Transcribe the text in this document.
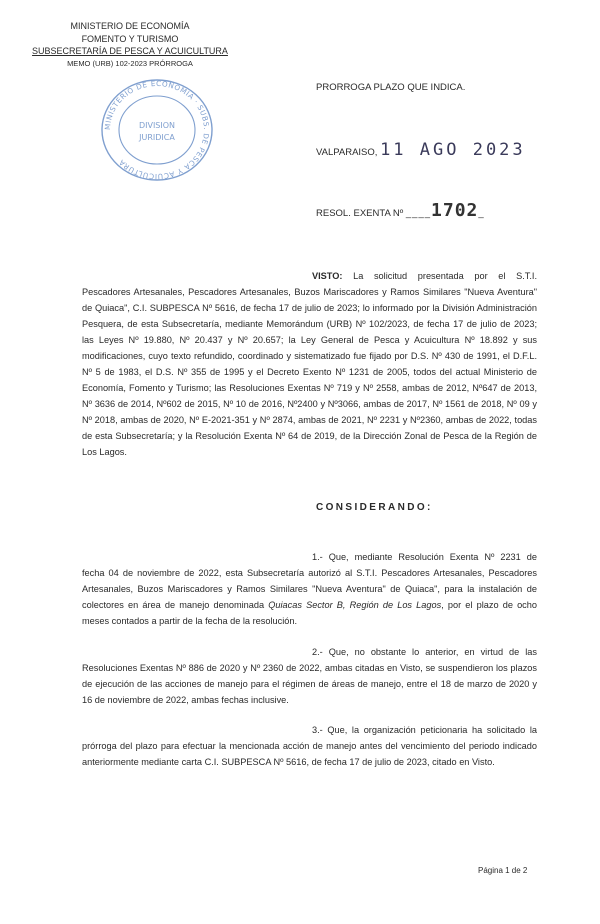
MINISTERIO DE ECONOMÍA
FOMENTO Y TURISMO
SUBSECRETARÍA DE PESCA Y ACUICULTURA
MEMO (URB) 102-2023 PRÓRROGA
MINISTERIO DE ECONOMIA · SUBS. DE PESCA Y ACUICULTURA
DIVISION
JURIDICA
PRORROGA PLAZO QUE INDICA.
VALPARAISO, 11 AGO 2023
RESOL. EXENTA Nº ____1702_
VISTO: La solicitud presentada por el S.T.I. Pescadores Artesanales, Pescadores Artesanales, Buzos Mariscadores y Ramos Similares "Nueva Aventura" de Quiaca", C.I. SUBPESCA Nº 5616, de fecha 17 de julio de 2023; lo informado por la División Administración Pesquera, de esta Subsecretaría, mediante Memorándum (URB) Nº 102/2023, de fecha 17 de julio de 2023; las Leyes Nº 19.880, Nº 20.437 y Nº 20.657; la Ley General de Pesca y Acuicultura Nº 18.892 y sus modificaciones, cuyo texto refundido, coordinado y sistematizado fue fijado por D.S. Nº 430 de 1991, el D.F.L. Nº 5 de 1983, el D.S. Nº 355 de 1995 y el Decreto Exento Nº 1231 de 2005, todos del actual Ministerio de Economía, Fomento y Turismo; las Resoluciones Exentas Nº 719 y Nº 2558, ambas de 2012, Nº647 de 2013, Nº 3636 de 2014, Nº602 de 2015, Nº 10 de 2016, Nº2400 y Nº3066, ambas de 2017, Nº 1561 de 2018, Nº 09 y Nº 2018, ambas de 2020, Nº E-2021-351 y Nº 2874, ambas de 2021, Nº 2231 y Nº2360, ambas de 2022, todas de esta Subsecretaría; y la Resolución Exenta Nº 64 de 2019, de la Dirección Zonal de Pesca de la Región de Los Lagos.
CONSIDERANDO:
1.- Que, mediante Resolución Exenta Nº 2231 de fecha 04 de noviembre de 2022, esta Subsecretaría autorizó al S.T.I. Pescadores Artesanales, Pescadores Artesanales, Buzos Mariscadores y Ramos Similares "Nueva Aventura" de Quiaca", para la instalación de colectores en área de manejo denominada Quiacas Sector B, Región de Los Lagos, por el plazo de ocho meses contados a partir de la fecha de la resolución.
2.- Que, no obstante lo anterior, en virtud de las Resoluciones Exentas Nº 886 de 2020 y Nº 2360 de 2022, ambas citadas en Visto, se suspendieron los plazos de ejecución de las acciones de manejo para el régimen de áreas de manejo, entre el 18 de marzo de 2020 y 16 de noviembre de 2022, ambas fechas inclusive.
3.- Que, la organización peticionaria ha solicitado la prórroga del plazo para efectuar la mencionada acción de manejo antes del vencimiento del periodo indicado anteriormente mediante carta C.I. SUBPESCA Nº 5616, de fecha 17 de julio de 2023, citado en Visto.
Página 1 de 2
